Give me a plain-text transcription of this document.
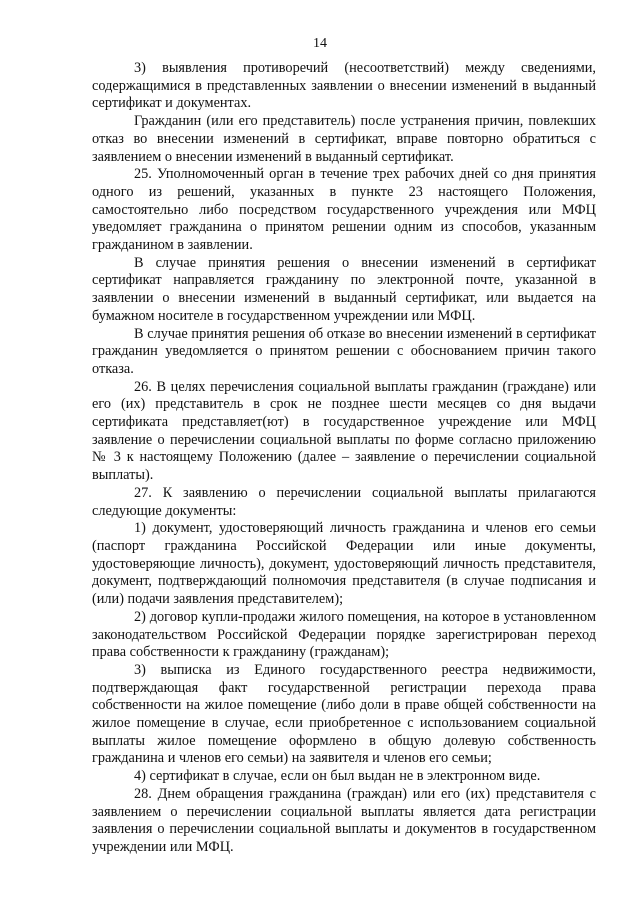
14

3) выявления противоречий (несоответствий) между сведениями, содержащимися в представленных заявлении о внесении изменений в выданный сертификат и документах.

Гражданин (или его представитель) после устранения причин, повлекших отказ во внесении изменений в сертификат, вправе повторно обратиться с заявлением о внесении изменений в выданный сертификат.

25. Уполномоченный орган в течение трех рабочих дней со дня принятия одного из решений, указанных в пункте 23 настоящего Положения, самостоятельно либо посредством государственного учреждения или МФЦ уведомляет гражданина о принятом решении одним из способов, указанным гражданином в заявлении.

В случае принятия решения о внесении изменений в сертификат сертификат направляется гражданину по электронной почте, указанной в заявлении о внесении изменений в выданный сертификат, или выдается на бумажном носителе в государственном учреждении или МФЦ.

В случае принятия решения об отказе во внесении изменений в сертификат гражданин уведомляется о принятом решении с обоснованием причин такого отказа.

26. В целях перечисления социальной выплаты гражданин (граждане) или его (их) представитель в срок не позднее шести месяцев со дня выдачи сертификата представляет(ют) в государственное учреждение или МФЦ заявление о перечислении социальной выплаты по форме согласно приложению № 3 к настоящему Положению (далее – заявление о перечислении социальной выплаты).

27. К заявлению о перечислении социальной выплаты прилагаются следующие документы:

1) документ, удостоверяющий личность гражданина и членов его семьи (паспорт гражданина Российской Федерации или иные документы, удостоверяющие личность), документ, удостоверяющий личность представителя, документ, подтверждающий полномочия представителя (в случае подписания и (или) подачи заявления представителем);

2) договор купли-продажи жилого помещения, на которое в установленном законодательством Российской Федерации порядке зарегистрирован переход права собственности к гражданину (гражданам);

3) выписка из Единого государственного реестра недвижимости, подтверждающая факт государственной регистрации перехода права собственности на жилое помещение (либо доли в праве общей собственности на жилое помещение в случае, если приобретенное с использованием социальной выплаты жилое помещение оформлено в общую долевую собственность гражданина и членов его семьи) на заявителя и членов его семьи;

4) сертификат в случае, если он был выдан не в электронном виде.

28. Днем обращения гражданина (граждан) или его (их) представителя с заявлением о перечислении социальной выплаты является дата регистрации заявления о перечислении социальной выплаты и документов в государственном учреждении или МФЦ.
